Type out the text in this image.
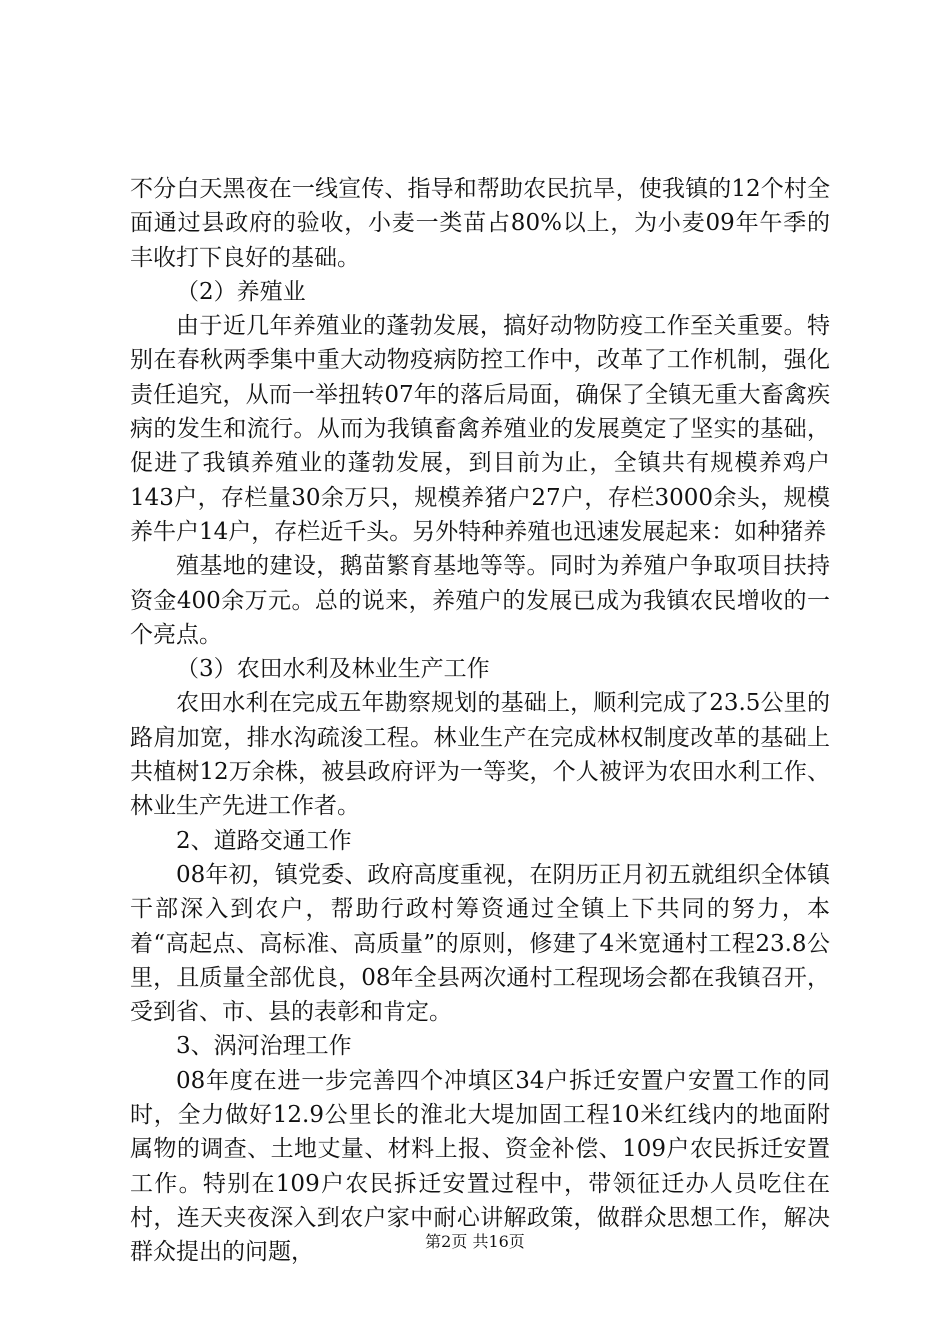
不分白天黑夜在一线宣传、指导和帮助农民抗旱，使我镇的12个村全面通过县政府的验收，小麦一类苗占80%以上，为小麦09年午季的丰收打下良好的基础。

（2）养殖业

由于近几年养殖业的蓬勃发展，搞好动物防疫工作至关重要。特别在春秋两季集中重大动物疫病防控工作中，改革了工作机制，强化责任追究，从而一举扭转07年的落后局面，确保了全镇无重大畜禽疾病的发生和流行。从而为我镇畜禽养殖业的发展奠定了坚实的基础，促进了我镇养殖业的蓬勃发展，到目前为止，全镇共有规模养鸡户143户，存栏量30余万只，规模养猪户27户，存栏3000余头，规模养牛户14户，存栏近千头。另外特种养殖也迅速发展起来：如种猪养

殖基地的建设，鹅苗繁育基地等等。同时为养殖户争取项目扶持资金400余万元。总的说来，养殖户的发展已成为我镇农民增收的一个亮点。

（3）农田水利及林业生产工作

农田水利在完成五年勘察规划的基础上，顺利完成了23.5公里的路肩加宽，排水沟疏浚工程。林业生产在完成林权制度改革的基础上共植树12万余株，被县政府评为一等奖，个人被评为农田水利工作、林业生产先进工作者。

2、道路交通工作

08年初，镇党委、政府高度重视，在阴历正月初五就组织全体镇干部深入到农户，帮助行政村筹资通过全镇上下共同的努力，本着“高起点、高标准、高质量”的原则，修建了4米宽通村工程23.8公里，且质量全部优良，08年全县两次通村工程现场会都在我镇召开，受到省、市、县的表彰和肯定。

3、涡河治理工作

08年度在进一步完善四个冲填区34户拆迁安置户安置工作的同时，全力做好12.9公里长的淮北大堤加固工程10米红线内的地面附属物的调查、土地丈量、材料上报、资金补偿、109户农民拆迁安置工作。特别在109户农民拆迁安置过程中，带领征迁办人员吃住在村，连天夹夜深入到农户家中耐心讲解政策，做群众思想工作，解决群众提出的问题，	第2页 共16页
